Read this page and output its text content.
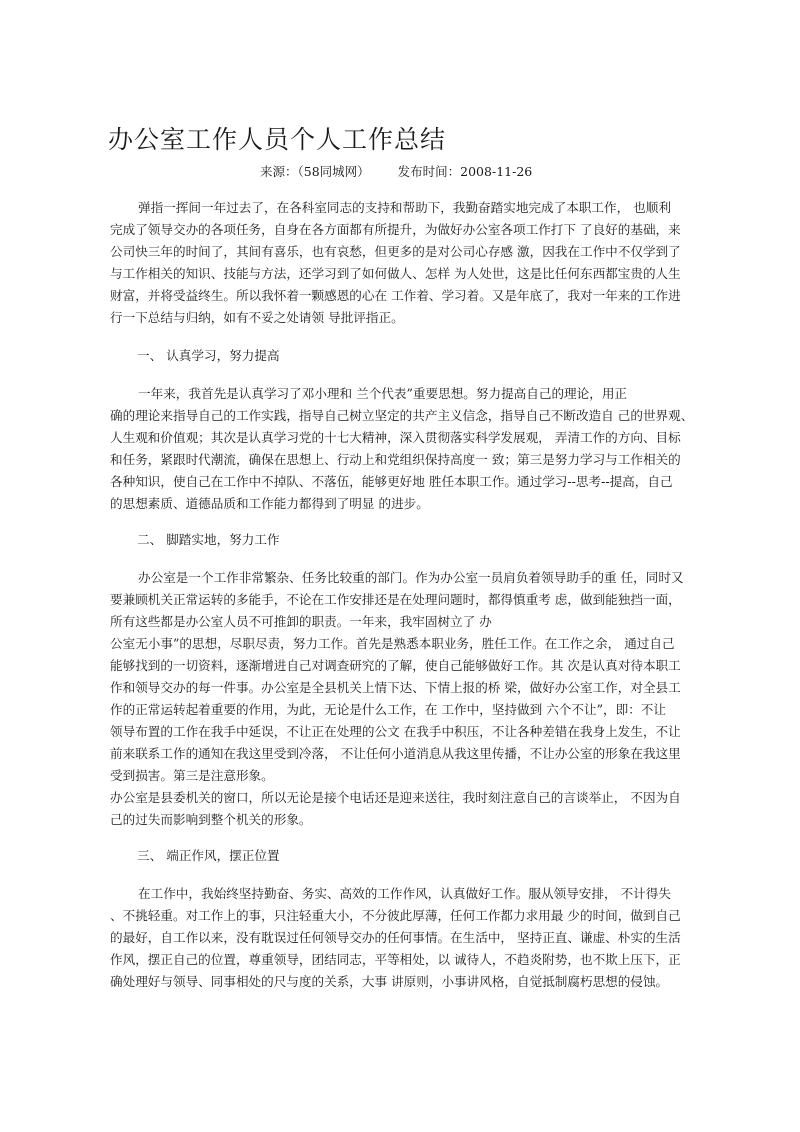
办公室工作人员个人工作总结
来源：（58同城网） 发布时间：2008-11-26
弹指一挥间一年过去了，在各科室同志的支持和帮助下，我勤奋踏实地完成了本职工作， 也顺利
完成了领导交办的各项任务，自身在各方面都有所提升，为做好办公室各项工作打下 了良好的基础，来
公司快三年的时间了，其间有喜乐，也有哀愁，但更多的是对公司心存感 激，因我在工作中不仅学到了
与工作相关的知识、技能与方法，还学习到了如何做人、怎样 为人处世，这是比任何东西都宝贵的人生
财富，并将受益终生。所以我怀着一颗感恩的心在 工作着、学习着。又是年底了，我对一年来的工作进
行一下总结与归纳，如有不妥之处请领 导批评指正。
一、 认真学习，努力提高
一年来，我首先是认真学习了邓小理和 兰个代表”重要思想。努力提高自己的理论，用正
确的理论来指导自己的工作实践，指导自己树立坚定的共产主义信念，指导自己不断改造自 己的世界观、
人生观和价值观；其次是认真学习党的十七大精神，深入贯彻落实科学发展观， 弄清工作的方向、目标
和任务，紧跟时代潮流，确保在思想上、行动上和党组织保持高度一 致；第三是努力学习与工作相关的
各种知识，使自己在工作中不掉队、不落伍，能够更好地 胜任本职工作。通过学习--思考--提高，自己
的思想素质、道德品质和工作能力都得到了明显 的进步。
二、 脚踏实地，努力工作
办公室是一个工作非常繁杂、任务比较重的部门。作为办公室一员肩负着领导助手的重 任，同时又
要兼顾机关正常运转的多能手，不论在工作安排还是在处理问题时，都得慎重考 虑，做到能独挡一面，
所有这些都是办公室人员不可推卸的职责。一年来，我牢固树立了 办
公室无小事”的思想，尽职尽责，努力工作。首先是熟悉本职业务，胜任工作。在工作之余， 通过自己
能够找到的一切资料，逐渐增进自己对调查研究的了解，使自己能够做好工作。其 次是认真对待本职工
作和领导交办的每一件事。办公室是全县机关上情下达、下情上报的桥 梁，做好办公室工作，对全县工
作的正常运转起着重要的作用，为此，无论是什么工作，在 工作中，坚持做到 六个不让”，即：不让
领导布置的工作在我手中延误，不让正在处理的公文 在我手中积压，不让各种差错在我身上发生，不让
前来联系工作的通知在我这里受到冷落， 不让任何小道消息从我这里传播，不让办公室的形象在我这里
受到损害。第三是注意形象。
办公室是县委机关的窗口，所以无论是接个电话还是迎来送往，我时刻注意自己的言谈举止， 不因为自
己的过失而影响到整个机关的形象。
三、 端正作风，摆正位置
在工作中，我始终坚持勤奋、务实、高效的工作作风，认真做好工作。服从领导安排， 不计得失
、不挑轻重。对工作上的事，只注轻重大小，不分彼此厚薄，任何工作都力求用最 少的时间，做到自己
的最好，自工作以来，没有耽误过任何领导交办的任何事情。在生活中， 坚持正直、谦虚、朴实的生活
作风，摆正自己的位置，尊重领导，团结同志，平等相处，以 诚待人，不趋炎附势，也不欺上压下，正
确处理好与领导、同事相处的尺与度的关系，大事 讲原则，小事讲风格，自觉抵制腐朽思想的侵蚀。
